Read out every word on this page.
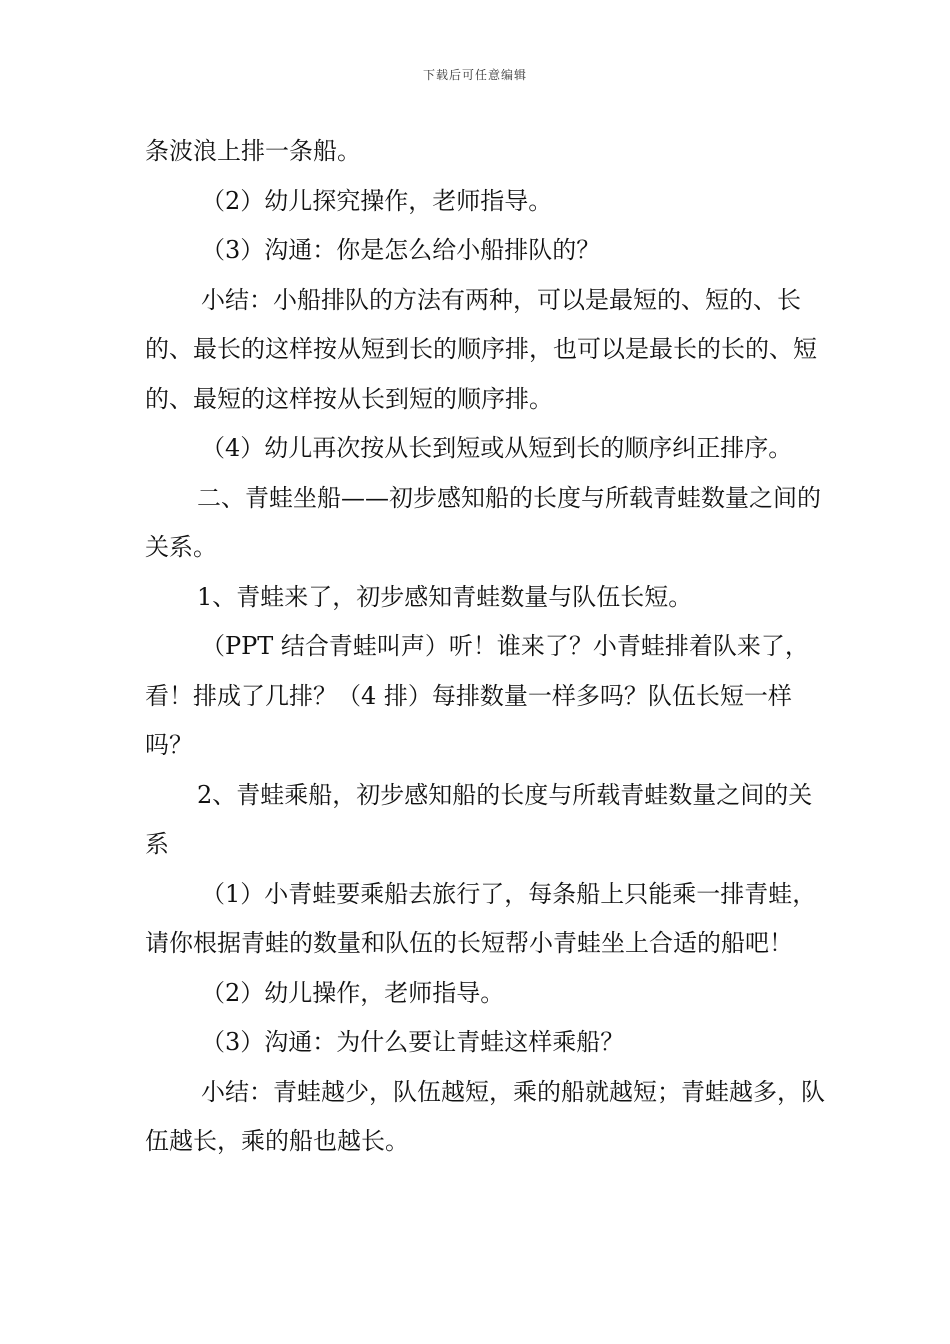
下载后可任意编辑

条波浪上排一条船。

（2）幼儿探究操作，老师指导。

（3）沟通：你是怎么给小船排队的？

小结：小船排队的方法有两种，可以是最短的、短的、长的、最长的这样按从短到长的顺序排，也可以是最长的长的、短的、最短的这样按从长到短的顺序排。

（4）幼儿再次按从长到短或从短到长的顺序纠正排序。

二、青蛙坐船——初步感知船的长度与所载青蛙数量之间的关系。

1、青蛙来了，初步感知青蛙数量与队伍长短。

（PPT 结合青蛙叫声）听！谁来了？小青蛙排着队来了，看！排成了几排？（4 排）每排数量一样多吗？队伍长短一样吗？

2、青蛙乘船，初步感知船的长度与所载青蛙数量之间的关系

（1）小青蛙要乘船去旅行了，每条船上只能乘一排青蛙，请你根据青蛙的数量和队伍的长短帮小青蛙坐上合适的船吧！

（2）幼儿操作，老师指导。

（3）沟通：为什么要让青蛙这样乘船？

小结：青蛙越少，队伍越短，乘的船就越短；青蛙越多，队伍越长，乘的船也越长。
